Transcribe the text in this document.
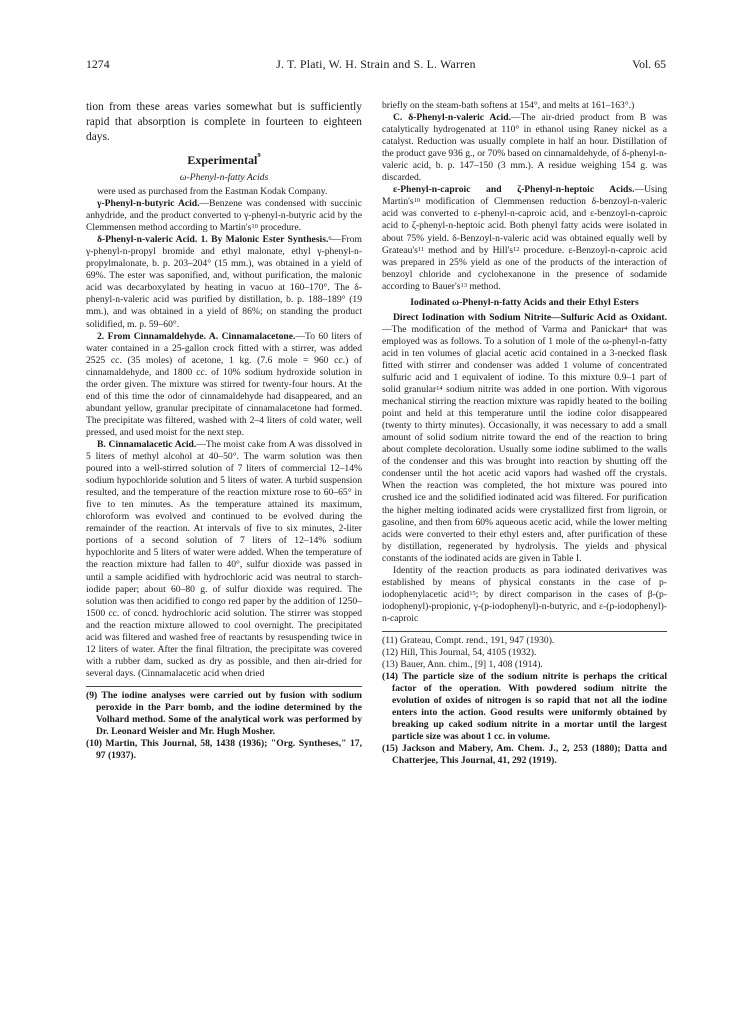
1274	J. T. Plati, W. H. Strain and S. L. Warren	Vol. 65

tion from these areas varies somewhat but is sufficiently rapid that absorption is complete in fourteen to eighteen days.

Experimental$^9$
ω-Phenyl-n-fatty Acids

were used as purchased from the Eastman Kodak Company.

γ-Phenyl-n-butyric Acid.—Benzene was condensed with succinic anhydride, and the product converted to γ-phenyl-n-butyric acid by the Clemmensen method according to $Martin's^{10}$ procedure.

δ-Phenyl-n-valeric Acid. 1. By Malonic Ester Synthesis.$^6$—From γ-phenyl-n-propyl bromide and ethyl malonate, ethyl γ-phenyl-n-propylmalonate, b. p. 203–204° (15 mm.), was obtained in a yield of 69%. The ester was saponified, and, without purification, the malonic acid was decarboxylated by heating in vacuo at 160–170°. The δ-phenyl-n-valeric acid was purified by distillation, b. p. 188–189° (19 mm.), and was obtained in a yield of 86%; on standing the product solidified, m. p. 59–60°.

2. From Cinnamaldehyde. A. Cinnamalacetone.—To 60 liters of water contained in a 25-gallon crock fitted with a stirrer, was added 2525 cc. (35 moles) of acetone, 1 kg. (7.6 mole = 960 cc.) of cinnamaldehyde, and 1800 cc. of 10% sodium hydroxide solution in the order given. The mixture was stirred for twenty-four hours. At the end of this time the odor of cinnamaldehyde had disappeared, and an abundant yellow, granular precipitate of cinnamalacetone had formed. The precipitate was filtered, washed with 2–4 liters of cold water, well pressed, and used moist for the next step.

B. Cinnamalacetic Acid.—The moist cake from A was dissolved in 5 liters of methyl alcohol at 40–50°. The warm solution was then poured into a well-stirred solution of 7 liters of commercial 12–14% sodium hypochloride solution and 5 liters of water. A turbid suspension resulted, and the temperature of the reaction mixture rose to 60–65° in five to ten minutes. As the temperature attained its maximum, chloroform was evolved and continued to be evolved during the remainder of the reaction. At intervals of five to six minutes, 2-liter portions of a second solution of 7 liters of 12–14% sodium hypochlorite and 5 liters of water were added. When the temperature of the reaction mixture had fallen to 40°, sulfur dioxide was passed in until a sample acidified with hydrochloric acid was neutral to starch-iodide paper; about 60–80 g. of sulfur dioxide was required. The solution was then acidified to congo red paper by the addition of 1250–1500 cc. of concd. hydrochloric acid solution. The stirrer was stopped and the reaction mixture allowed to cool overnight. The precipitated acid was filtered and washed free of reactants by resuspending twice in 12 liters of water. After the final filtration, the precipitate was covered with a rubber dam, sucked as dry as possible, and then air-dried for several days. (Cinnamalacetic acid when dried

(9) The iodine analyses were carried out by fusion with sodium peroxide in the Parr bomb, and the iodine determined by the Volhard method. Some of the analytical work was performed by Dr. Leonard Weisler and Mr. Hugh Mosher.

(10) Martin, This Journal, 58, 1438 (1936); "Org. Syntheses," 17, 97 (1937).

briefly on the steam-bath softens at 154°, and melts at 161–163°.)

C. δ-Phenyl-n-valeric Acid.—The air-dried product from B was catalytically hydrogenated at 110° in ethanol using Raney nickel as a catalyst. Reduction was usually complete in half an hour. Distillation of the product gave 936 g., or 70% based on cinnamaldehyde, of δ-phenyl-n-valeric acid, b. p. 147–150 (3 mm.). A residue weighing 154 g. was discarded.

ε-Phenyl-n-caproic and ζ-Phenyl-n-heptoic Acids.—Using $Martin's^{10}$ modification of Clemmensen reduction δ-benzoyl-n-valeric acid was converted to ε-phenyl-n-caproic acid, and ε-benzoyl-n-caproic acid to ζ-phenyl-n-heptoic acid. Both phenyl fatty acids were isolated in about 75% yield. δ-Benzoyl-n-valeric acid was obtained equally well by $Grateau's^{11}$ method and by $Hill's^{12}$ procedure. ε-Benzoyl-n-caproic acid was prepared in 25% yield as one of the products of the interaction of benzoyl chloride and cyclohexanone in the presence of sodamide according to $Bauer's^{13}$ method.

Iodinated ω-Phenyl-n-fatty Acids and their Ethyl Esters

Direct Iodination with Sodium Nitrite—Sulfuric Acid as Oxidant.—The modification of the method of Varma and Panickar$^4$ that was employed was as follows. To a solution of 1 mole of the ω-phenyl-n-fatty acid in ten volumes of glacial acetic acid contained in a 3-necked flask fitted with stirrer and condenser was added 1 volume of concentrated sulfuric acid and 1 equivalent of iodine. To this mixture 0.9–1 part of solid granular$^{14}$ sodium nitrite was added in one portion. With vigorous mechanical stirring the reaction mixture was rapidly heated to the boiling point and held at this temperature until the iodine color disappeared (twenty to thirty minutes). Occasionally, it was necessary to add a small amount of solid sodium nitrite toward the end of the reaction to bring about complete decoloration. Usually some iodine sublimed to the walls of the condenser and this was brought into reaction by shutting off the condenser until the hot acetic acid vapors had washed off the crystals. When the reaction was completed, the hot mixture was poured into crushed ice and the solidified iodinated acid was filtered. For purification the higher melting iodinated acids were crystallized first from ligroin, or gasoline, and then from 60% aqueous acetic acid, while the lower melting acids were converted to their ethyl esters and, after purification of these by distillation, regenerated by hydrolysis. The yields and physical constants of the iodinated acids are given in Table I.

Identity of the reaction products as para iodinated derivatives was established by means of physical constants in the case of p-iodophenylacetic acid$^{15}$; by direct comparison in the cases of β-(p-iodophenyl)-propionic, γ-(p-iodophenyl)-n-butyric, and ε-(p-iodophenyl)-n-caproic

(11) Grateau, Compt. rend., 191, 947 (1930).

(12) Hill, This Journal, 54, 4105 (1932).

(13) Bauer, Ann. chim., [9] 1, 408 (1914).

(14) The particle size of the sodium nitrite is perhaps the critical factor of the operation. With powdered sodium nitrite the evolution of oxides of nitrogen is so rapid that not all the iodine enters into the action. Good results were uniformly obtained by breaking up caked sodium nitrite in a mortar until the largest particle size was about 1 cc. in volume.

(15) Jackson and Mabery, Am. Chem. J., 2, 253 (1880); Datta and Chatterjee, This Journal, 41, 292 (1919).
